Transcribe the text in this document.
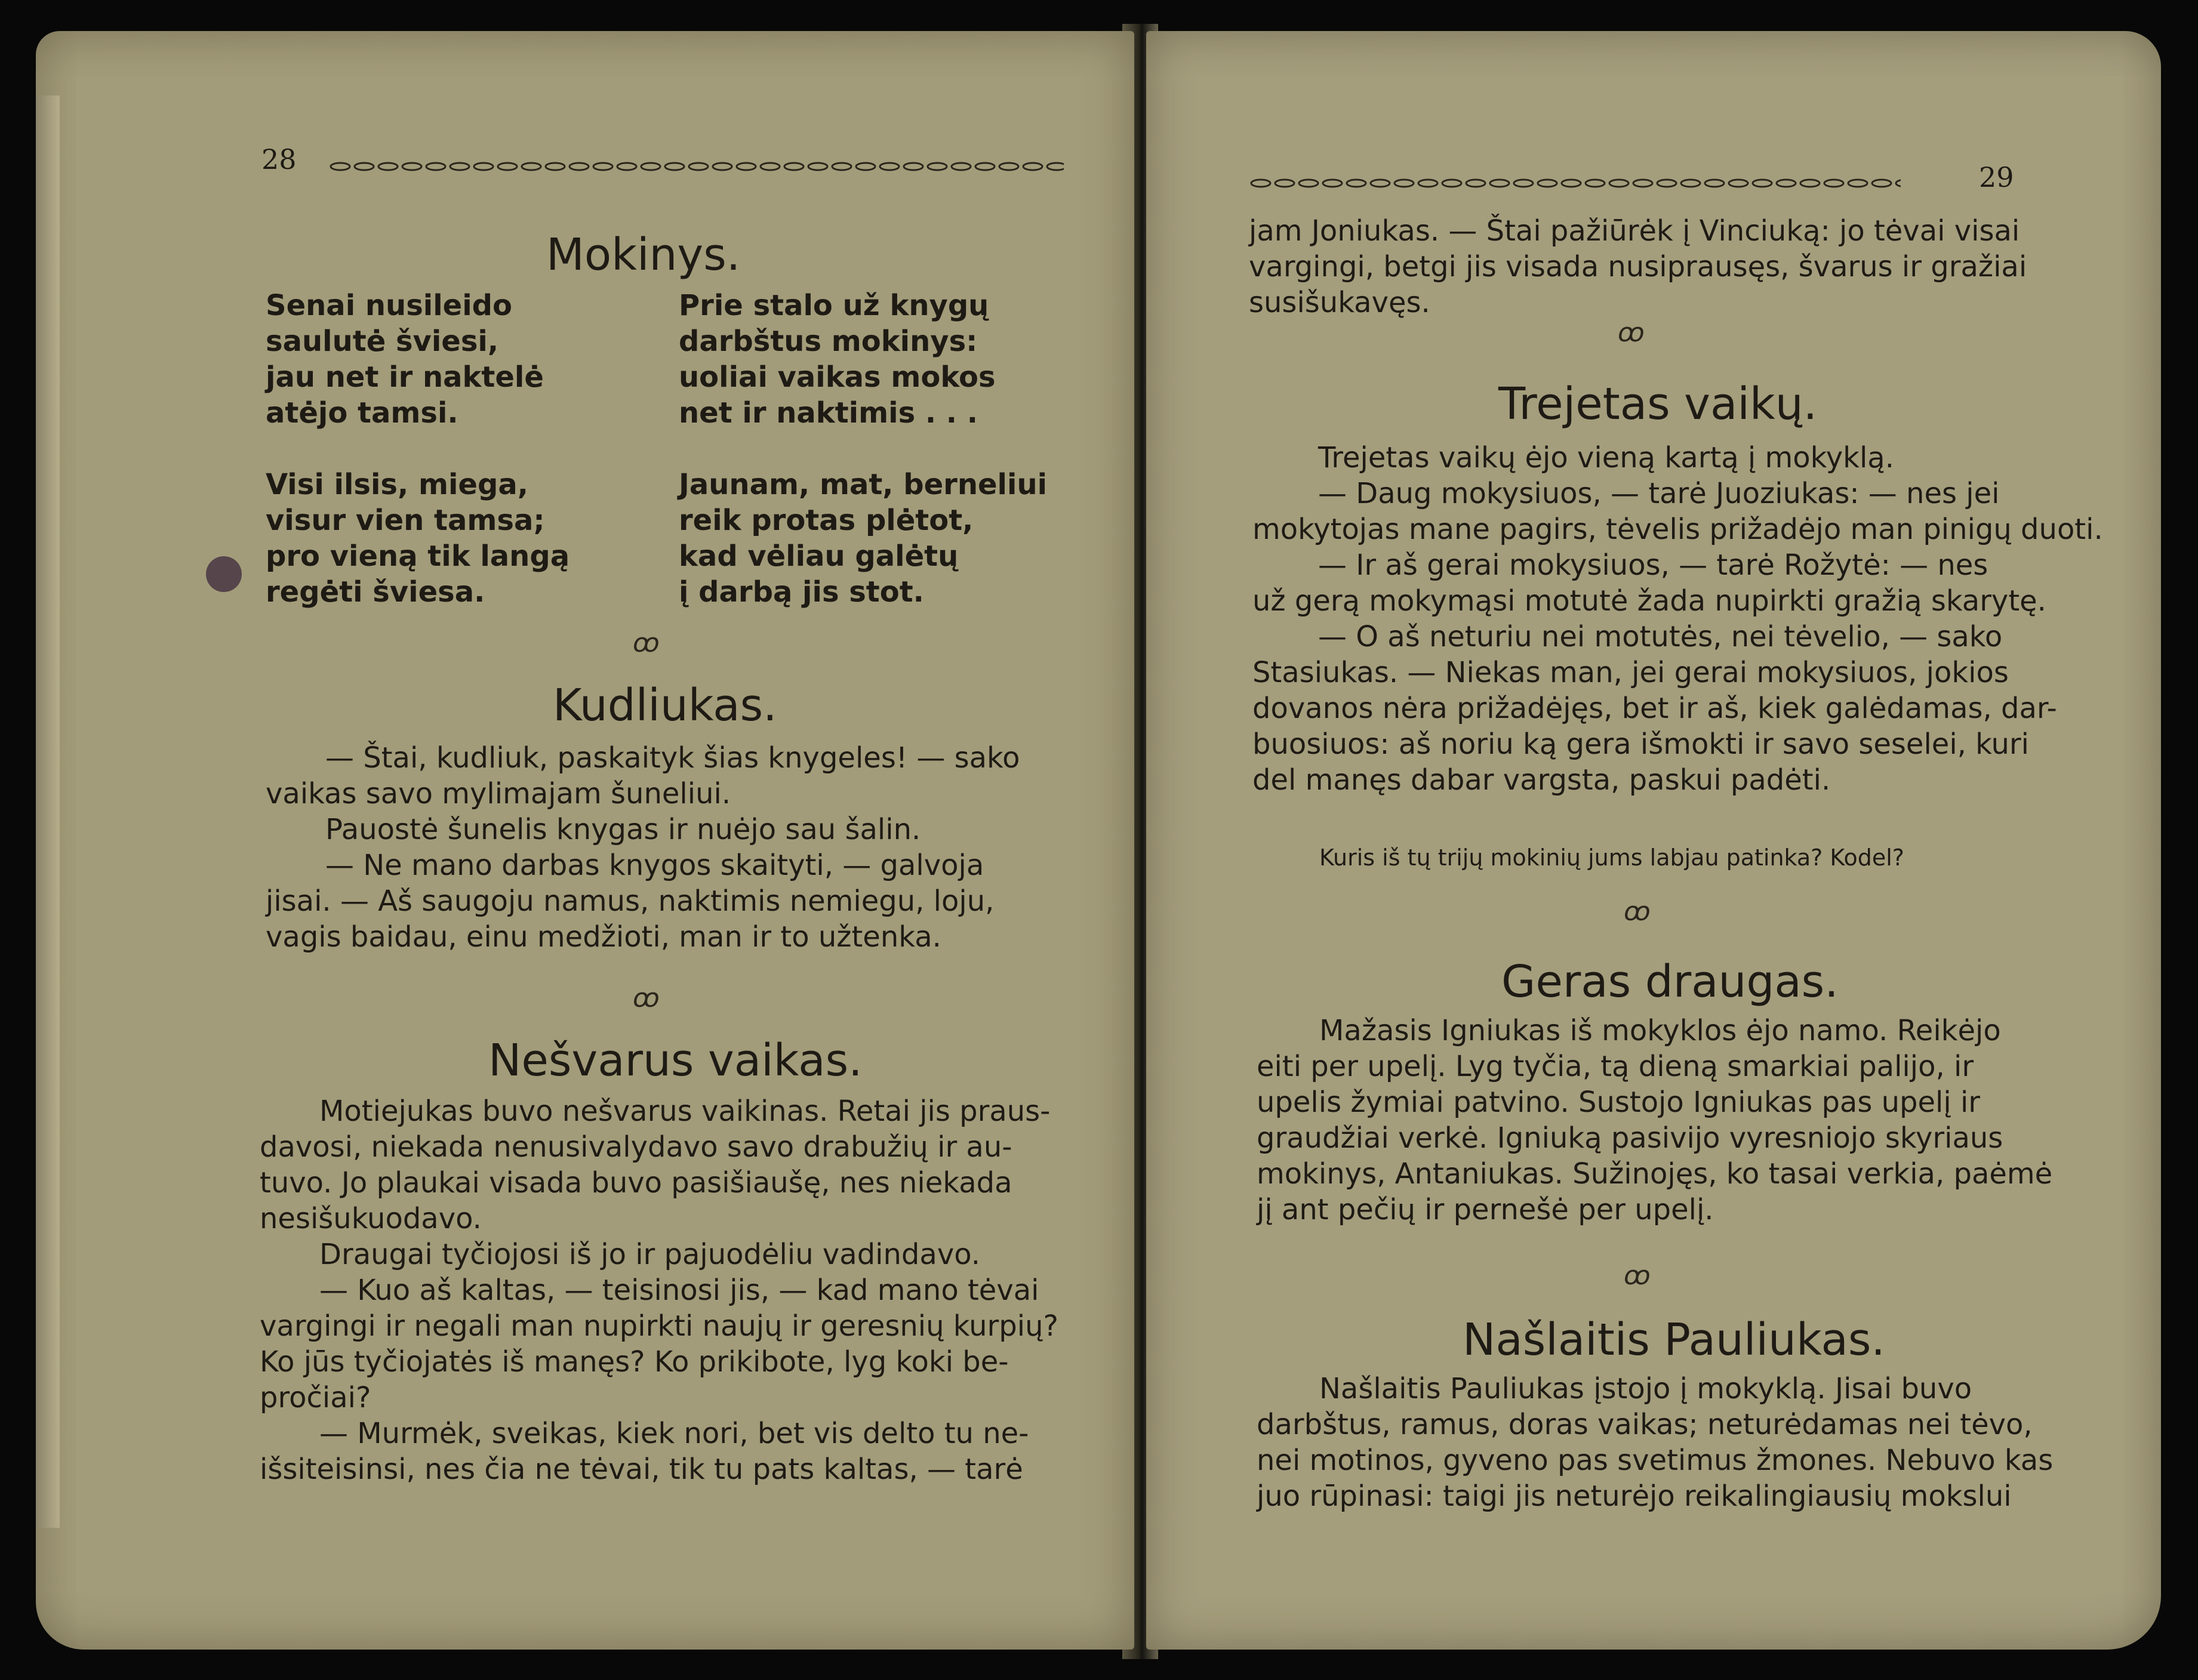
28
Mokinys.
Senai nusileido
saulutė šviesi,
jau net ir naktelė
atėjo tamsi.
Visi ilsis, miega,
visur vien tamsa;
pro vieną tik langą
regėti šviesa.
Prie stalo už knygų
darbštus mokinys:
uoliai vaikas mokos
net ir naktimis . . .
Jaunam, mat, berneliui
reik protas plėtot,
kad vėliau galėtų
į darbą jis stot.
ꝏ
Kudliukas.
— Štai, kudliuk, paskaityk šias knygeles! — sako
vaikas savo mylimajam šuneliui.
Pauostė šunelis knygas ir nuėjo sau šalin.
— Ne mano darbas knygos skaityti, — galvoja
jisai. — Aš saugoju namus, naktimis nemiegu, loju,
vagis baidau, einu medžioti, man ir to užtenka.
ꝏ
Nešvarus vaikas.
Motiejukas buvo nešvarus vaikinas. Retai jis praus-
davosi, niekada nenusivalydavo savo drabužių ir au-
tuvo. Jo plaukai visada buvo pasišiaušę, nes niekada
nesišukuodavo.
Draugai tyčiojosi iš jo ir pajuodėliu vadindavo.
— Kuo aš kaltas, — teisinosi jis, — kad mano tėvai
vargingi ir negali man nupirkti naujų ir geresnių kurpių?
Ko jūs tyčiojatės iš manęs? Ko prikibote, lyg koki be-
pročiai?
— Murmėk, sveikas, kiek nori, bet vis delto tu ne-
išsiteisinsi, nes čia ne tėvai, tik tu pats kaltas, — tarė
29
jam Joniukas. — Štai pažiūrėk į Vinciuką: jo tėvai visai
vargingi, betgi jis visada nusiprausęs, švarus ir gražiai
susišukavęs.
ꝏ
Trejetas vaikų.
Trejetas vaikų ėjo vieną kartą į mokyklą.
— Daug mokysiuos, — tarė Juoziukas: — nes jei
mokytojas mane pagirs, tėvelis prižadėjo man pinigų duoti.
— Ir aš gerai mokysiuos, — tarė Rožytė: — nes
už gerą mokymąsi motutė žada nupirkti gražią skarytę.
— O aš neturiu nei motutės, nei tėvelio, — sako
Stasiukas. — Niekas man, jei gerai mokysiuos, jokios
dovanos nėra prižadėjęs, bet ir aš, kiek galėdamas, dar-
buosiuos: aš noriu ką gera išmokti ir savo seselei, kuri
del manęs dabar vargsta, paskui padėti.
Kuris iš tų trijų mokinių jums labjau patinka? Kodel?
ꝏ
Geras draugas.
Mažasis Igniukas iš mokyklos ėjo namo. Reikėjo
eiti per upelį. Lyg tyčia, tą dieną smarkiai palijo, ir
upelis žymiai patvino. Sustojo Igniukas pas upelį ir
graudžiai verkė. Igniuką pasivijo vyresniojo skyriaus
mokinys, Antaniukas. Sužinojęs, ko tasai verkia, paėmė
jį ant pečių ir pernešė per upelį.
ꝏ
Našlaitis Pauliukas.
Našlaitis Pauliukas įstojo į mokyklą. Jisai buvo
darbštus, ramus, doras vaikas; neturėdamas nei tėvo,
nei motinos, gyveno pas svetimus žmones. Nebuvo kas
juo rūpinasi: taigi jis neturėjo reikalingiausių mokslui
